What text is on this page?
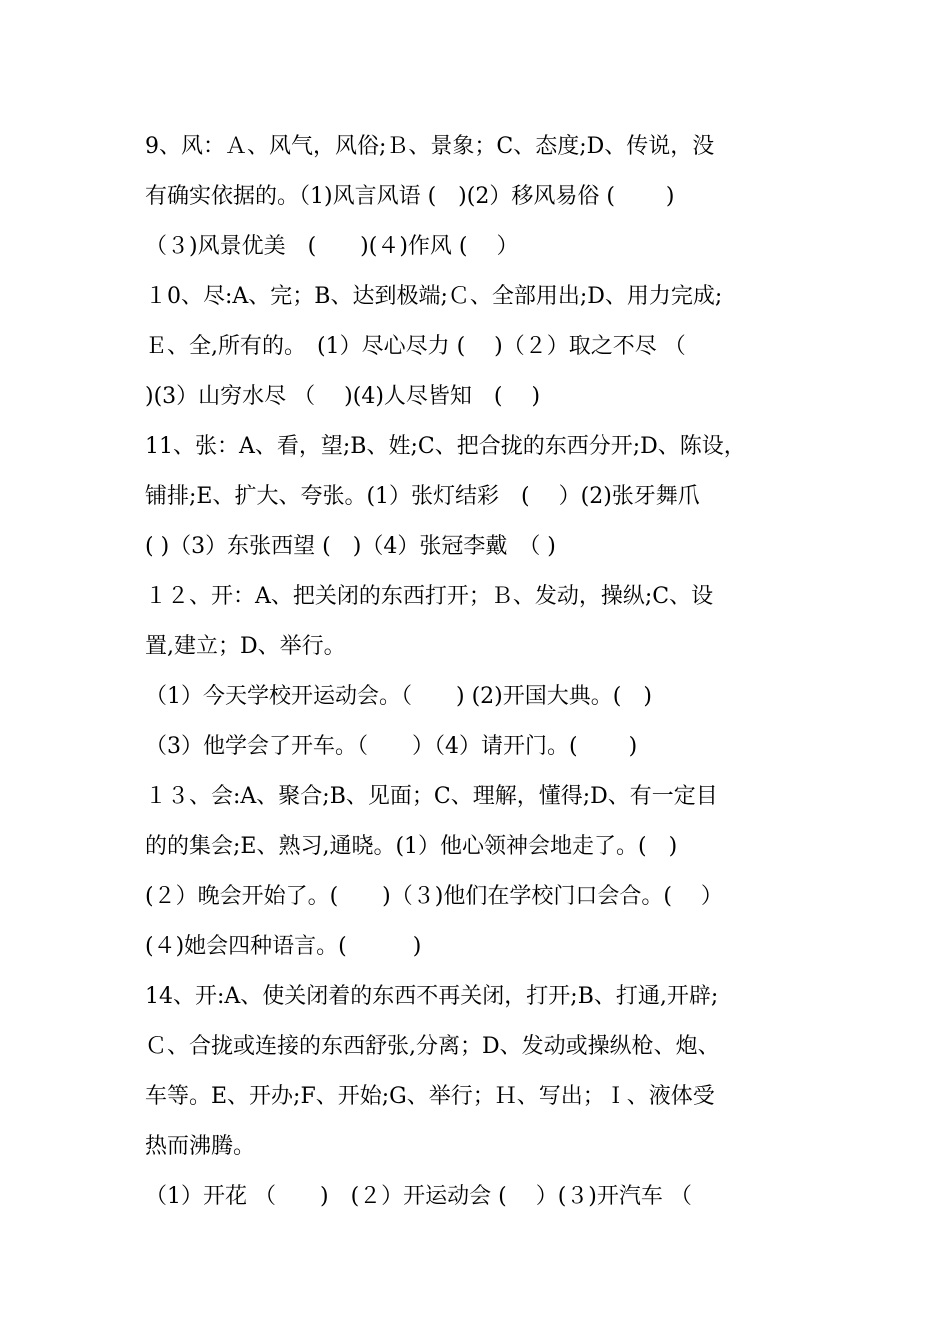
9、风：Ａ、风气，风俗;Ｂ、景象；C、态度;D、传说，没
有确实依据的。（1)风言风语 (　)(2）移风易俗 (　　 )
（３)风景优美　(　　)(４)作风 (　 ）
１0、尽:A、完；B、达到极端;Ｃ、全部用出;D、用力完成;
Ｅ、全,所有的。　(1）尽心尽力 (　 )（２）取之不尽 （
)(3）山穷水尽 （　 )(4)人尽皆知　(　 )
11、张：A、看，望;B、姓;C、把合拢的东西分开;D、陈设，
铺排;E、扩大、夸张。(1）张灯结彩　(　 ）(2)张牙舞爪
( )（3）东张西望 (　)（4）张冠李戴　（ )
１２、开：A、把关闭的东西打开；Ｂ、发动，操纵;C、设
置,建立；D、举行。
（1）今天学校开运动会。（　　) (2)开国大典。(　)
（3）他学会了开车。（　　）（4）请开门。(　　 )
１３、会:A、聚合;B、见面；C、理解，懂得;D、有一定目
的的集会;E、熟习,通晓。(1）他心领神会地走了。(　)
(２）晚会开始了。(　　)（３)他们在学校门口会合。(　 ）
(４)她会四种语言。(　　　)
14、开:A、使关闭着的东西不再关闭，打开;B、打通,开辟;
Ｃ、合拢或连接的东西舒张,分离；D、发动或操纵枪、炮、
车等。E、开办;F、开始;G、举行；Ｈ、写出；Ｉ、液体受
热而沸腾。
（1）开花 （　　)　(２）开运动会 (　 ）(３)开汽车 （
